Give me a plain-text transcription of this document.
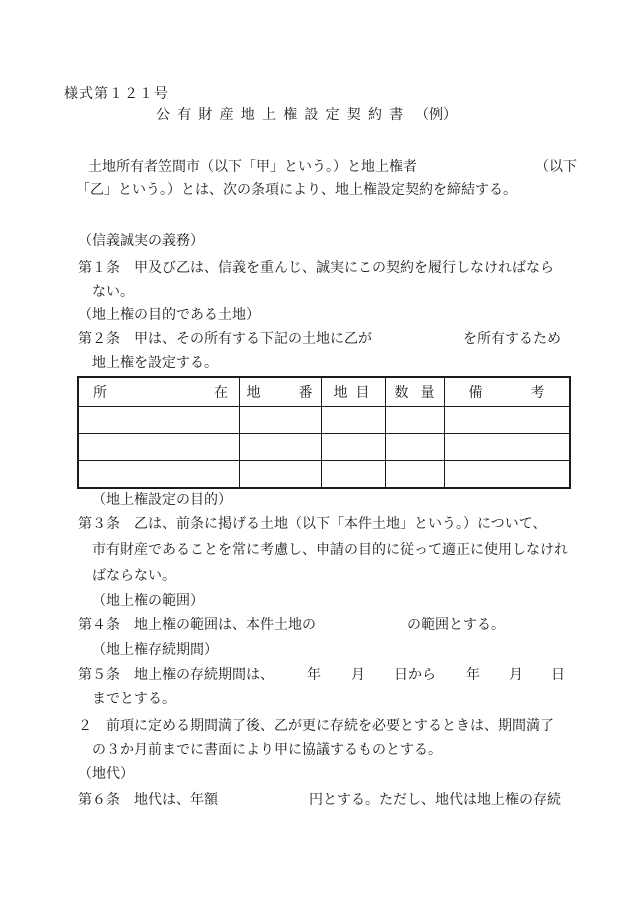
様式第１２１号
公有財産地上権設定契約書 （例）
土地所有者笠間市（以下「甲」という。）と地上権者	（以下
「乙」という。）とは、次の条項により、地上権設定契約を締結する。
（信義誠実の義務）
第１条　甲及び乙は、信義を重んじ、誠実にこの契約を履行しなければなら
ない。
（地上権の目的である土地）
第２条　甲は、その所有する下記の土地に乙が	を所有するため
地上権を設定する。
所 在	地 番	地 目	数 量	備 考

（地上権設定の目的）
第３条　乙は、前条に掲げる土地（以下「本件土地」という。）について、
市有財産であることを常に考慮し、申請の目的に従って適正に使用しなけれ
ばならない。
（地上権の範囲）
第４条　地上権の範囲は、本件土地の	の範囲とする。
（地上権存続期間）
第５条　地上権の存続期間は、 年 月 日から 年 月 日
までとする。
２　前項に定める期間満了後、乙が更に存続を必要とするときは、期間満了
の３か月前までに書面により甲に協議するものとする。
（地代）
第６条　地代は、年額	円とする。ただし、地代は地上権の存続
